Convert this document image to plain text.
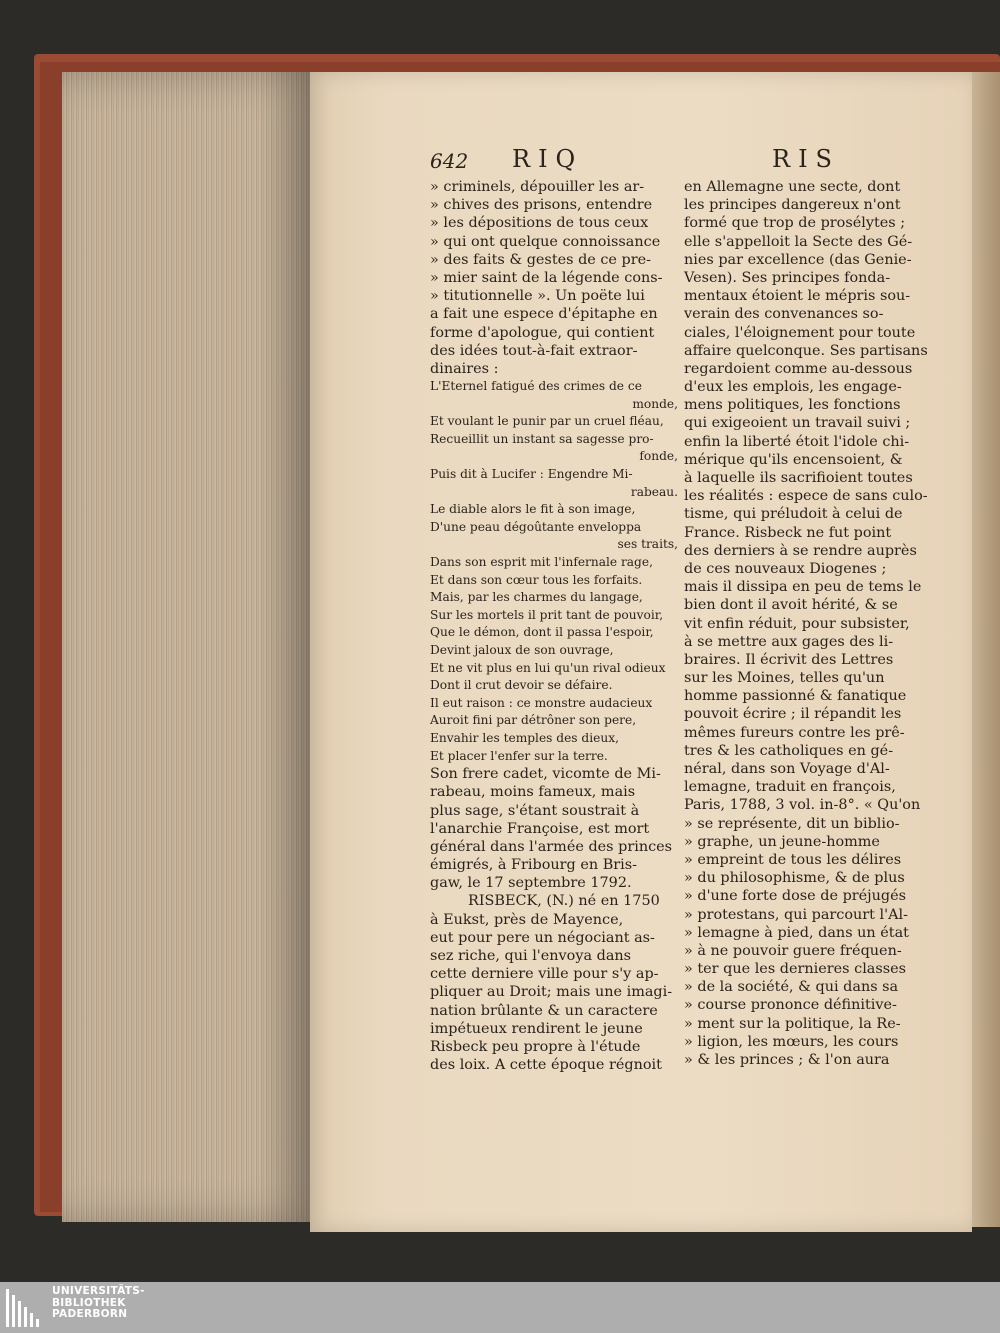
642 RIQ	RIS
» criminels, dépouiller les ar-
» chives des prisons, entendre
» les dépositions de tous ceux
» qui ont quelque connoissance
» des faits & gestes de ce pre-
» mier saint de la légende cons-
» titutionnelle ». Un poëte lui
a fait une espece d'épitaphe en
forme d'apologue, qui contient
des idées tout-à-fait extraor-
dinaires :
L'Eternel fatigué des crimes de ce
monde,
Et voulant le punir par un cruel fléau,
Recueillit un instant sa sagesse pro-
fonde,
Puis dit à Lucifer : Engendre Mi-
rabeau.
Le diable alors le fit à son image,
D'une peau dégoûtante enveloppa
ses traits,
Dans son esprit mit l'infernale rage,
Et dans son cœur tous les forfaits.
Mais, par les charmes du langage,
Sur les mortels il prit tant de pouvoir,
Que le démon, dont il passa l'espoir,
Devint jaloux de son ouvrage,
Et ne vit plus en lui qu'un rival odieux
Dont il crut devoir se défaire.
Il eut raison : ce monstre audacieux
Auroit fini par détrôner son pere,
Envahir les temples des dieux,
Et placer l'enfer sur la terre.
Son frere cadet, vicomte de Mi-
rabeau, moins fameux, mais
plus sage, s'étant soustrait à
l'anarchie Françoise, est mort
général dans l'armée des princes
émigrés, à Fribourg en Bris-
gaw, le 17 septembre 1792.
RISBECK, (N.) né en 1750
à Eukst, près de Mayence,
eut pour pere un négociant as-
sez riche, qui l'envoya dans
cette derniere ville pour s'y ap-
pliquer au Droit; mais une imagi-
nation brûlante & un caractere
impétueux rendirent le jeune
Risbeck peu propre à l'étude
des loix. A cette époque régnoit
en Allemagne une secte, dont
les principes dangereux n'ont
formé que trop de prosélytes ;
elle s'appelloit la Secte des Gé-
nies par excellence (das Genie-
Vesen). Ses principes fonda-
mentaux étoient le mépris sou-
verain des convenances so-
ciales, l'éloignement pour toute
affaire quelconque. Ses partisans
regardoient comme au-dessous
d'eux les emplois, les engage-
mens politiques, les fonctions
qui exigeoient un travail suivi ;
enfin la liberté étoit l'idole chi-
mérique qu'ils encensoient, &
à laquelle ils sacrifioient toutes
les réalités : espece de sans culo-
tisme, qui préludoit à celui de
France. Risbeck ne fut point
des derniers à se rendre auprès
de ces nouveaux Diogenes ;
mais il dissipa en peu de tems le
bien dont il avoit hérité, & se
vit enfin réduit, pour subsister,
à se mettre aux gages des li-
braires. Il écrivit des Lettres
sur les Moines, telles qu'un
homme passionné & fanatique
pouvoit écrire ; il répandit les
mêmes fureurs contre les prê-
tres & les catholiques en gé-
néral, dans son Voyage d'Al-
lemagne, traduit en françois,
Paris, 1788, 3 vol. in-8°. « Qu'on
» se représente, dit un biblio-
» graphe, un jeune-homme
» empreint de tous les délires
» du philosophisme, & de plus
» d'une forte dose de préjugés
» protestans, qui parcourt l'Al-
» lemagne à pied, dans un état
» à ne pouvoir guere fréquen-
» ter que les dernieres classes
» de la société, & qui dans sa
» course prononce définitive-
» ment sur la politique, la Re-
» ligion, les mœurs, les cours
» & les princes ; & l'on aura
UNIVERSITÄTS-
BIBLIOTHEK
PADERBORN
